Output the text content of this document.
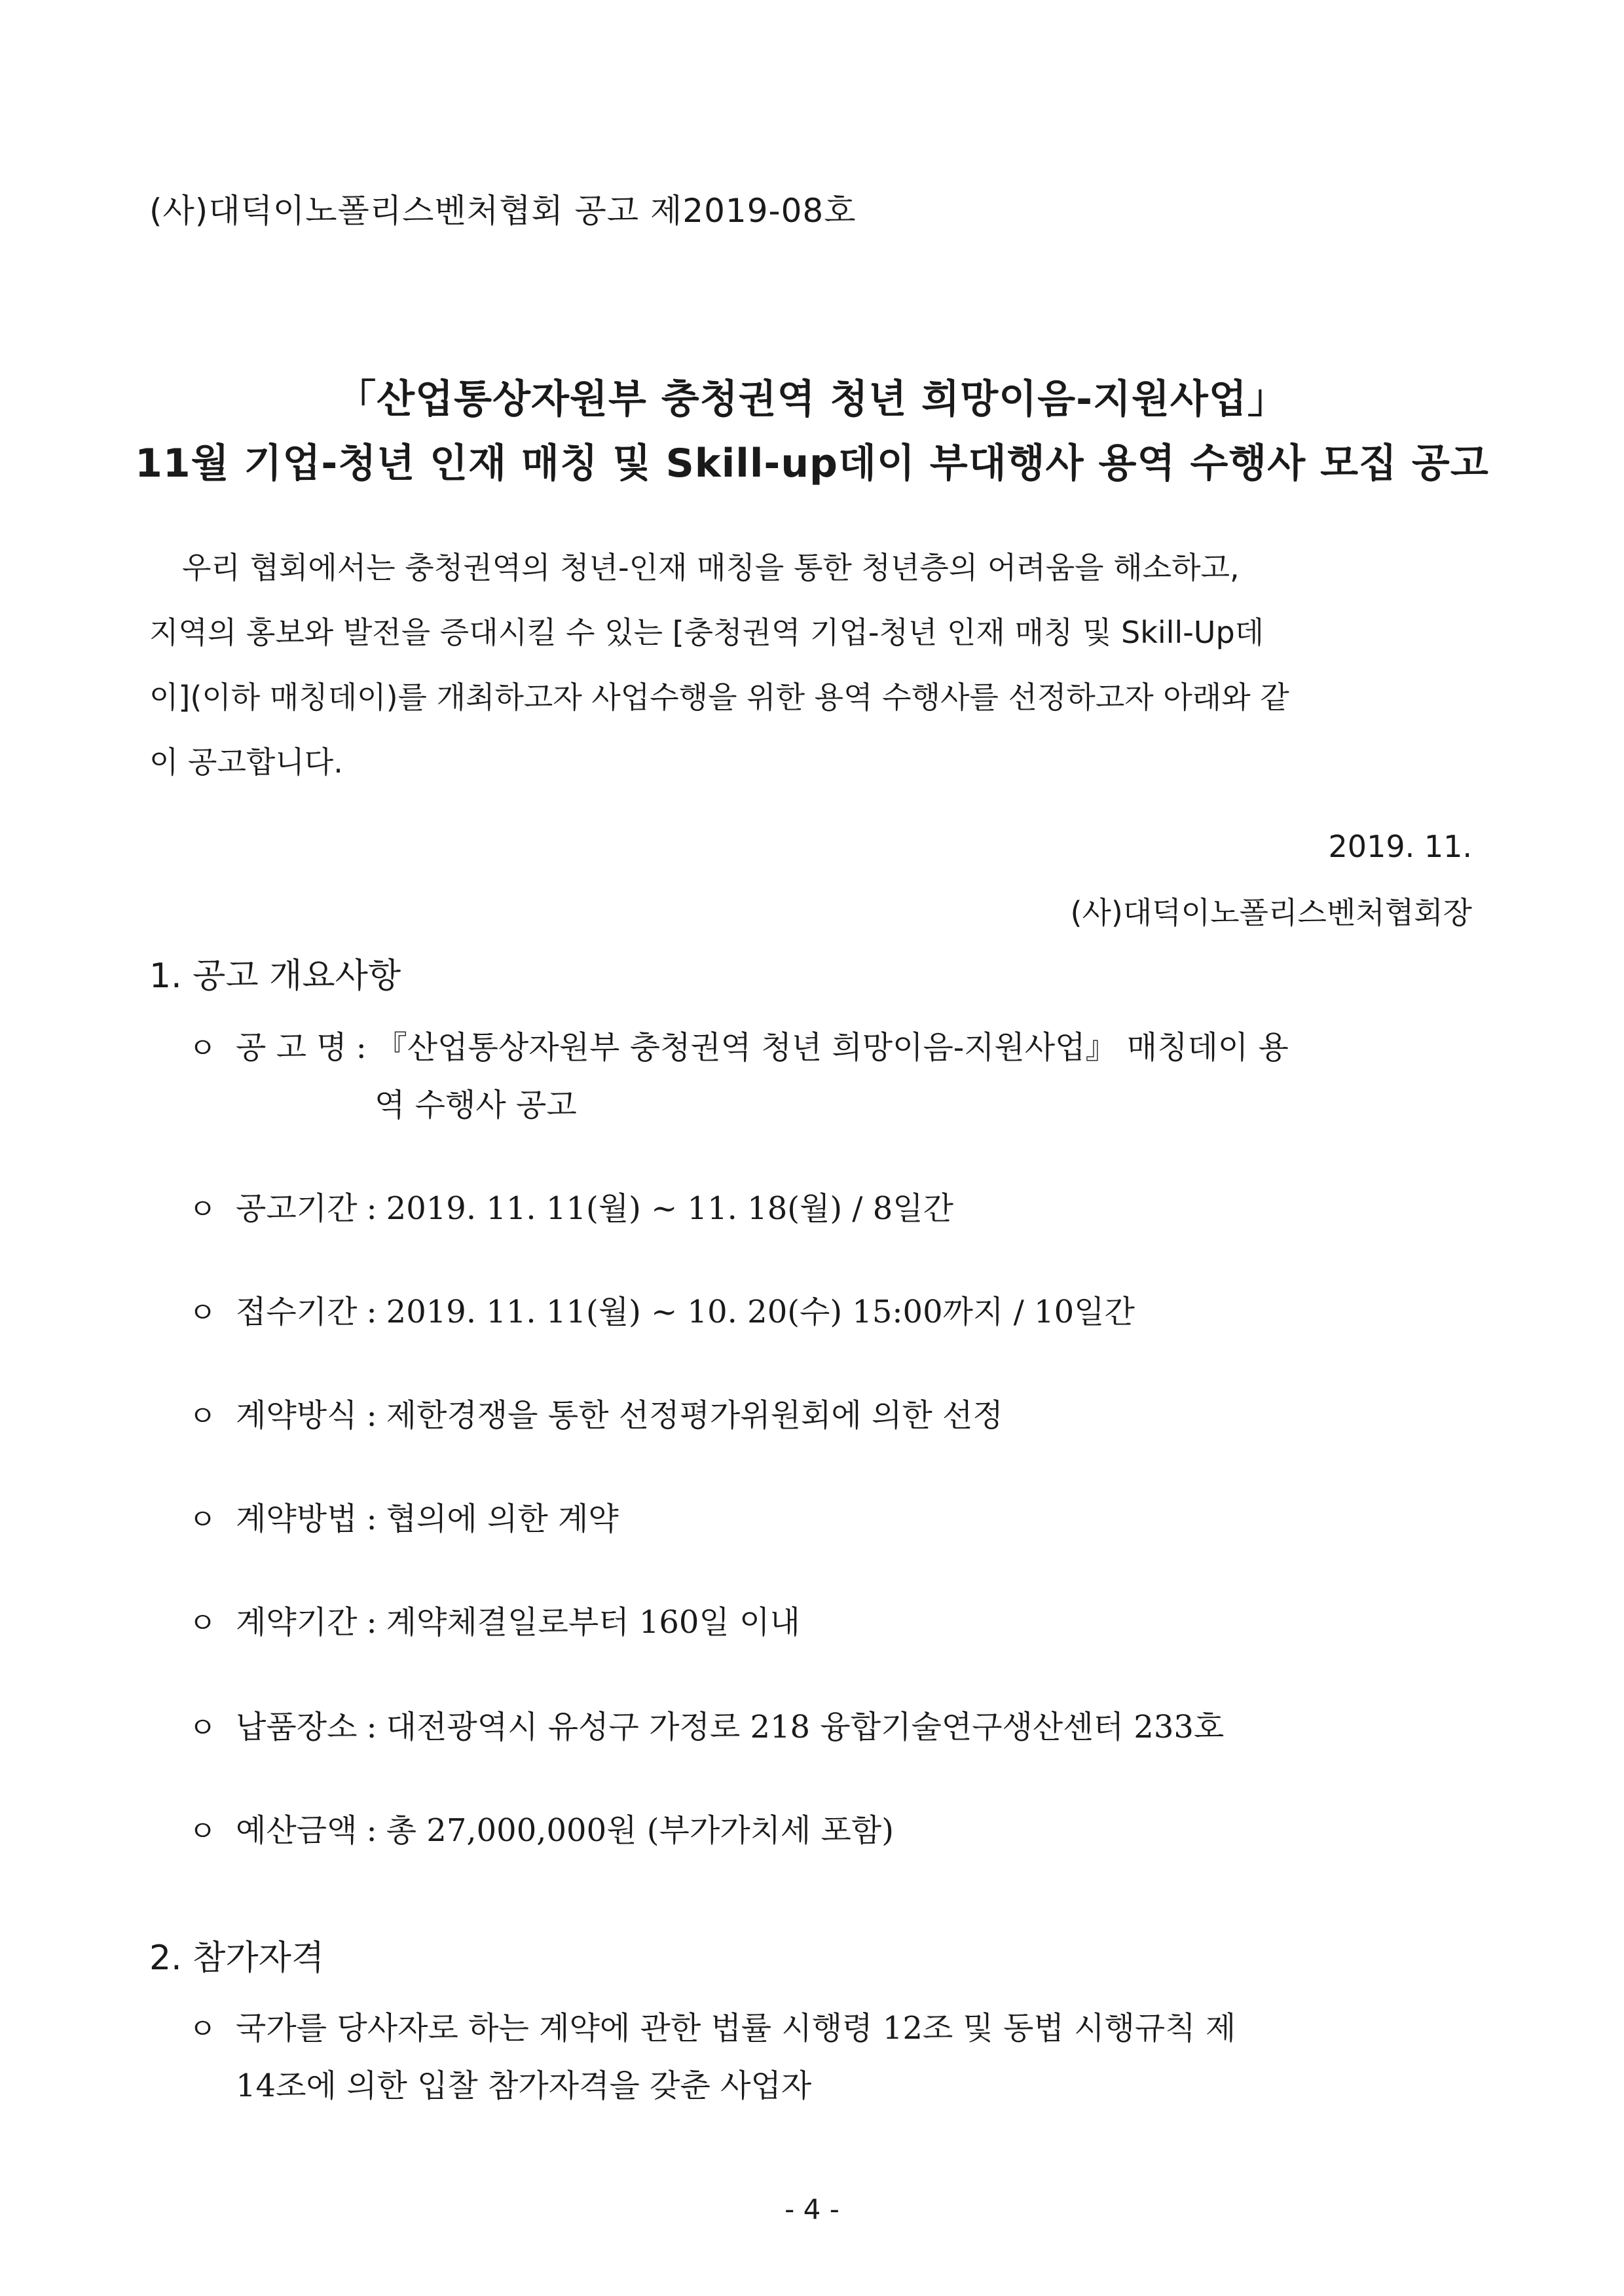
(사)대덕이노폴리스벤처협회 공고 제2019-08호
「산업통상자원부 충청권역 청년 희망이음-지원사업」
11월 기업-청년 인재 매칭 및 Skill-up데이 부대행사 용역 수행사 모집 공고
우리 협회에서는 충청권역의 청년-인재 매칭을 통한 청년층의 어려움을 해소하고,
지역의 홍보와 발전을 증대시킬 수 있는 [충청권역 기업-청년 인재 매칭 및 Skill-Up데
이](이하 매칭데이)를 개최하고자 사업수행을 위한 용역 수행사를 선정하고자 아래와 같
이 공고합니다.
2019. 11.
(사)대덕이노폴리스벤처협회장
1. 공고 개요사항
ㅇ 공 고 명 : 『산업통상자원부 충청권역 청년 희망이음-지원사업』 매칭데이 용
역 수행사 공고
ㅇ 공고기간 : 2019. 11. 11(월) ~ 11. 18(월) / 8일간
ㅇ 접수기간 : 2019. 11. 11(월) ~ 10. 20(수) 15:00까지 / 10일간
ㅇ 계약방식 : 제한경쟁을 통한 선정평가위원회에 의한 선정
ㅇ 계약방법 : 협의에 의한 계약
ㅇ 계약기간 : 계약체결일로부터 160일 이내
ㅇ 납품장소 : 대전광역시 유성구 가정로 218 융합기술연구생산센터 233호
ㅇ 예산금액 : 총 27,000,000원 (부가가치세 포함)
2. 참가자격
ㅇ 국가를 당사자로 하는 계약에 관한 법률 시행령 12조 및 동법 시행규칙 제
14조에 의한 입찰 참가자격을 갖춘 사업자
- 4 -
